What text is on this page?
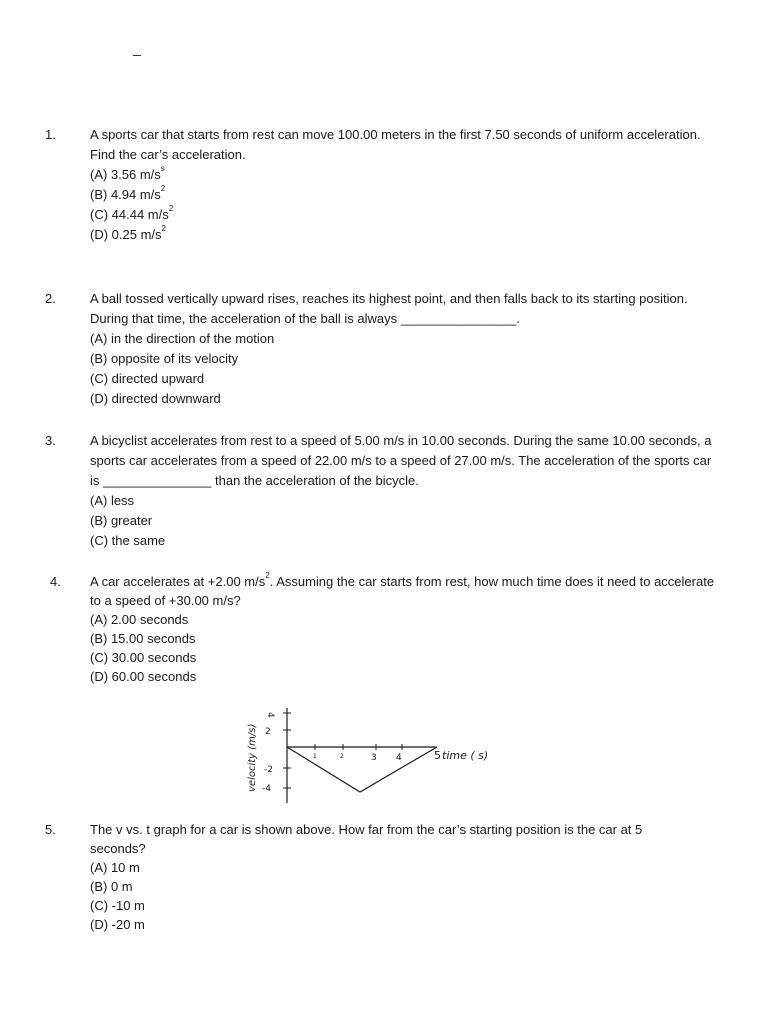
_
1.	A sports car that starts from rest can move 100.00 meters in the first 7.50 seconds of uniform acceleration. Find the car’s acceleration.

(A) 3.56 $m/s^s$

(B) 4.94 $m/s^2$

(C) 44.44 $m/s^2$

(D) 0.25 $m/s^2$

2.	A ball tossed vertically upward rises, reaches its highest point, and then falls back to its starting position. During that time, the acceleration of the ball is always ________________.

(A) in the direction of the motion

(B) opposite of its velocity

(C) directed upward

(D) directed downward

3.	A bicyclist accelerates from rest to a speed of 5.00 m/s in 10.00 seconds. During the same 10.00 seconds, a sports car accelerates from a speed of 22.00 m/s to a speed of 27.00 m/s. The acceleration of the sports car is _______________ than the acceleration of the bicycle.

(A) less

(B) greater

(C) the same

4. A car accelerates at +2.00 $m/s^2$. Assuming the car starts from rest, how much time does it need to accelerate to a speed of +30.00 m/s?

(A) 2.00 seconds

(B) 15.00 seconds

(C) 30.00 seconds

(D) 60.00 seconds

velocity (m/s)
4
2
-2
-4
1	2	3 4	5 time ( s)
5.	The v vs. t graph for a car is shown above. How far from the car’s starting position is the car at 5 seconds?

(A) 10 m

(B) 0 m

(C) -10 m

(D) -20 m
